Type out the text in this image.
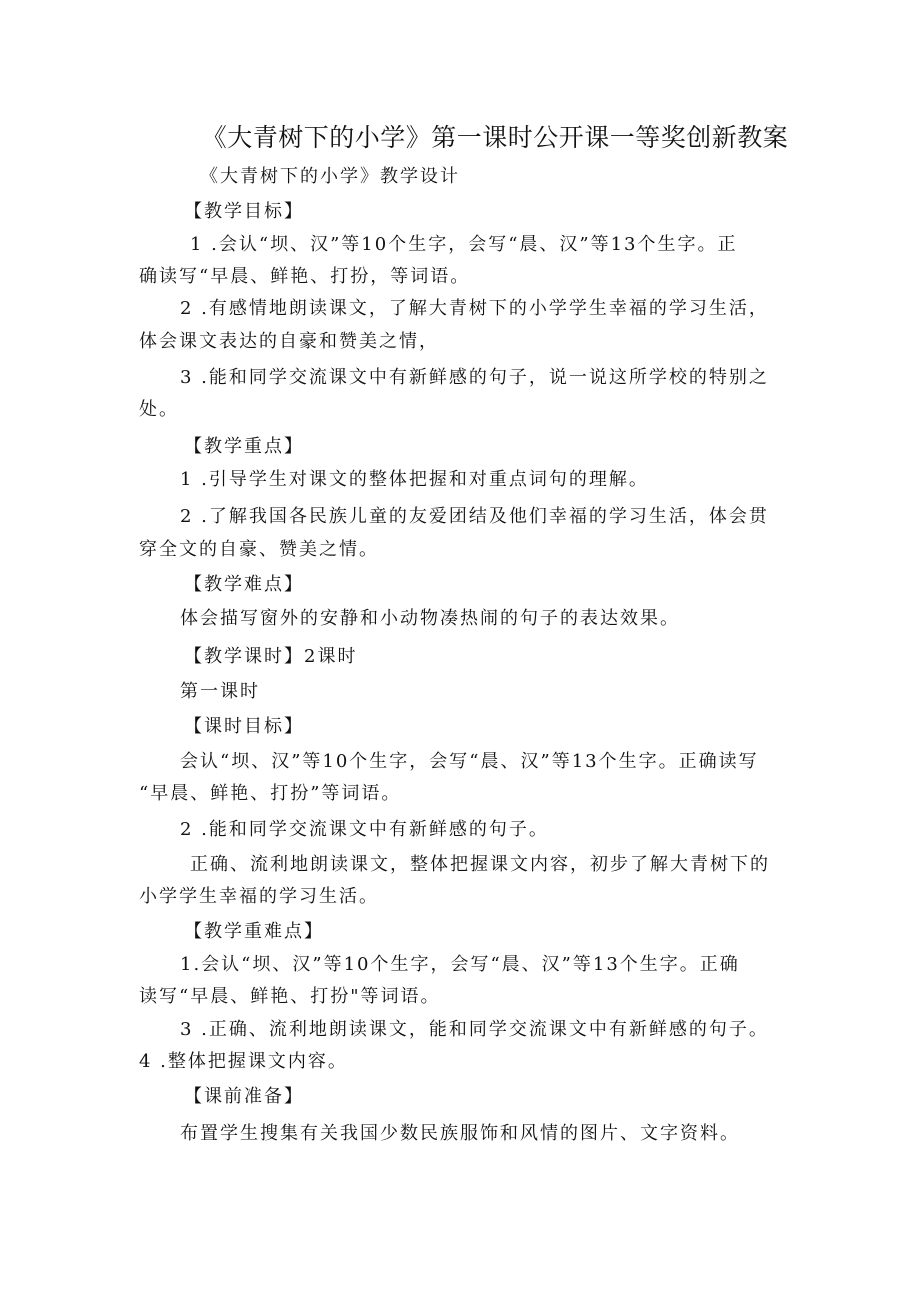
《大青树下的小学》第一课时公开课一等奖创新教案
《大青树下的小学》教学设计
【教学目标】
1 .会认“坝、汉”等10个生字，会写“晨、汉”等13个生字。正
确读写“早晨、鲜艳、打扮，等词语。
2 .有感情地朗读课文，了解大青树下的小学学生幸福的学习生活，
体会课文表达的自豪和赞美之情，
3 .能和同学交流课文中有新鲜感的句子，说一说这所学校的特别之
处。
【教学重点】
1 .引导学生对课文的整体把握和对重点词句的理解。
2 .了解我国各民族儿童的友爱团结及他们幸福的学习生活，体会贯
穿全文的自豪、赞美之情。
【教学难点】
体会描写窗外的安静和小动物凑热闹的句子的表达效果。
【教学课时】2课时
第一课时
【课时目标】
会认“坝、汉”等10个生字，会写“晨、汉”等13个生字。正确读写
“早晨、鲜艳、打扮”等词语。
2 .能和同学交流课文中有新鲜感的句子。
正确、流利地朗读课文，整体把握课文内容，初步了解大青树下的
小学学生幸福的学习生活。
【教学重难点】
1.会认“坝、汉”等10个生字，会写“晨、汉”等13个生字。正确
读写“早晨、鲜艳、打扮"等词语。
3 .正确、流利地朗读课文，能和同学交流课文中有新鲜感的句子。
4 .整体把握课文内容。
【课前准备】
布置学生搜集有关我国少数民族服饰和风情的图片、文字资料。
